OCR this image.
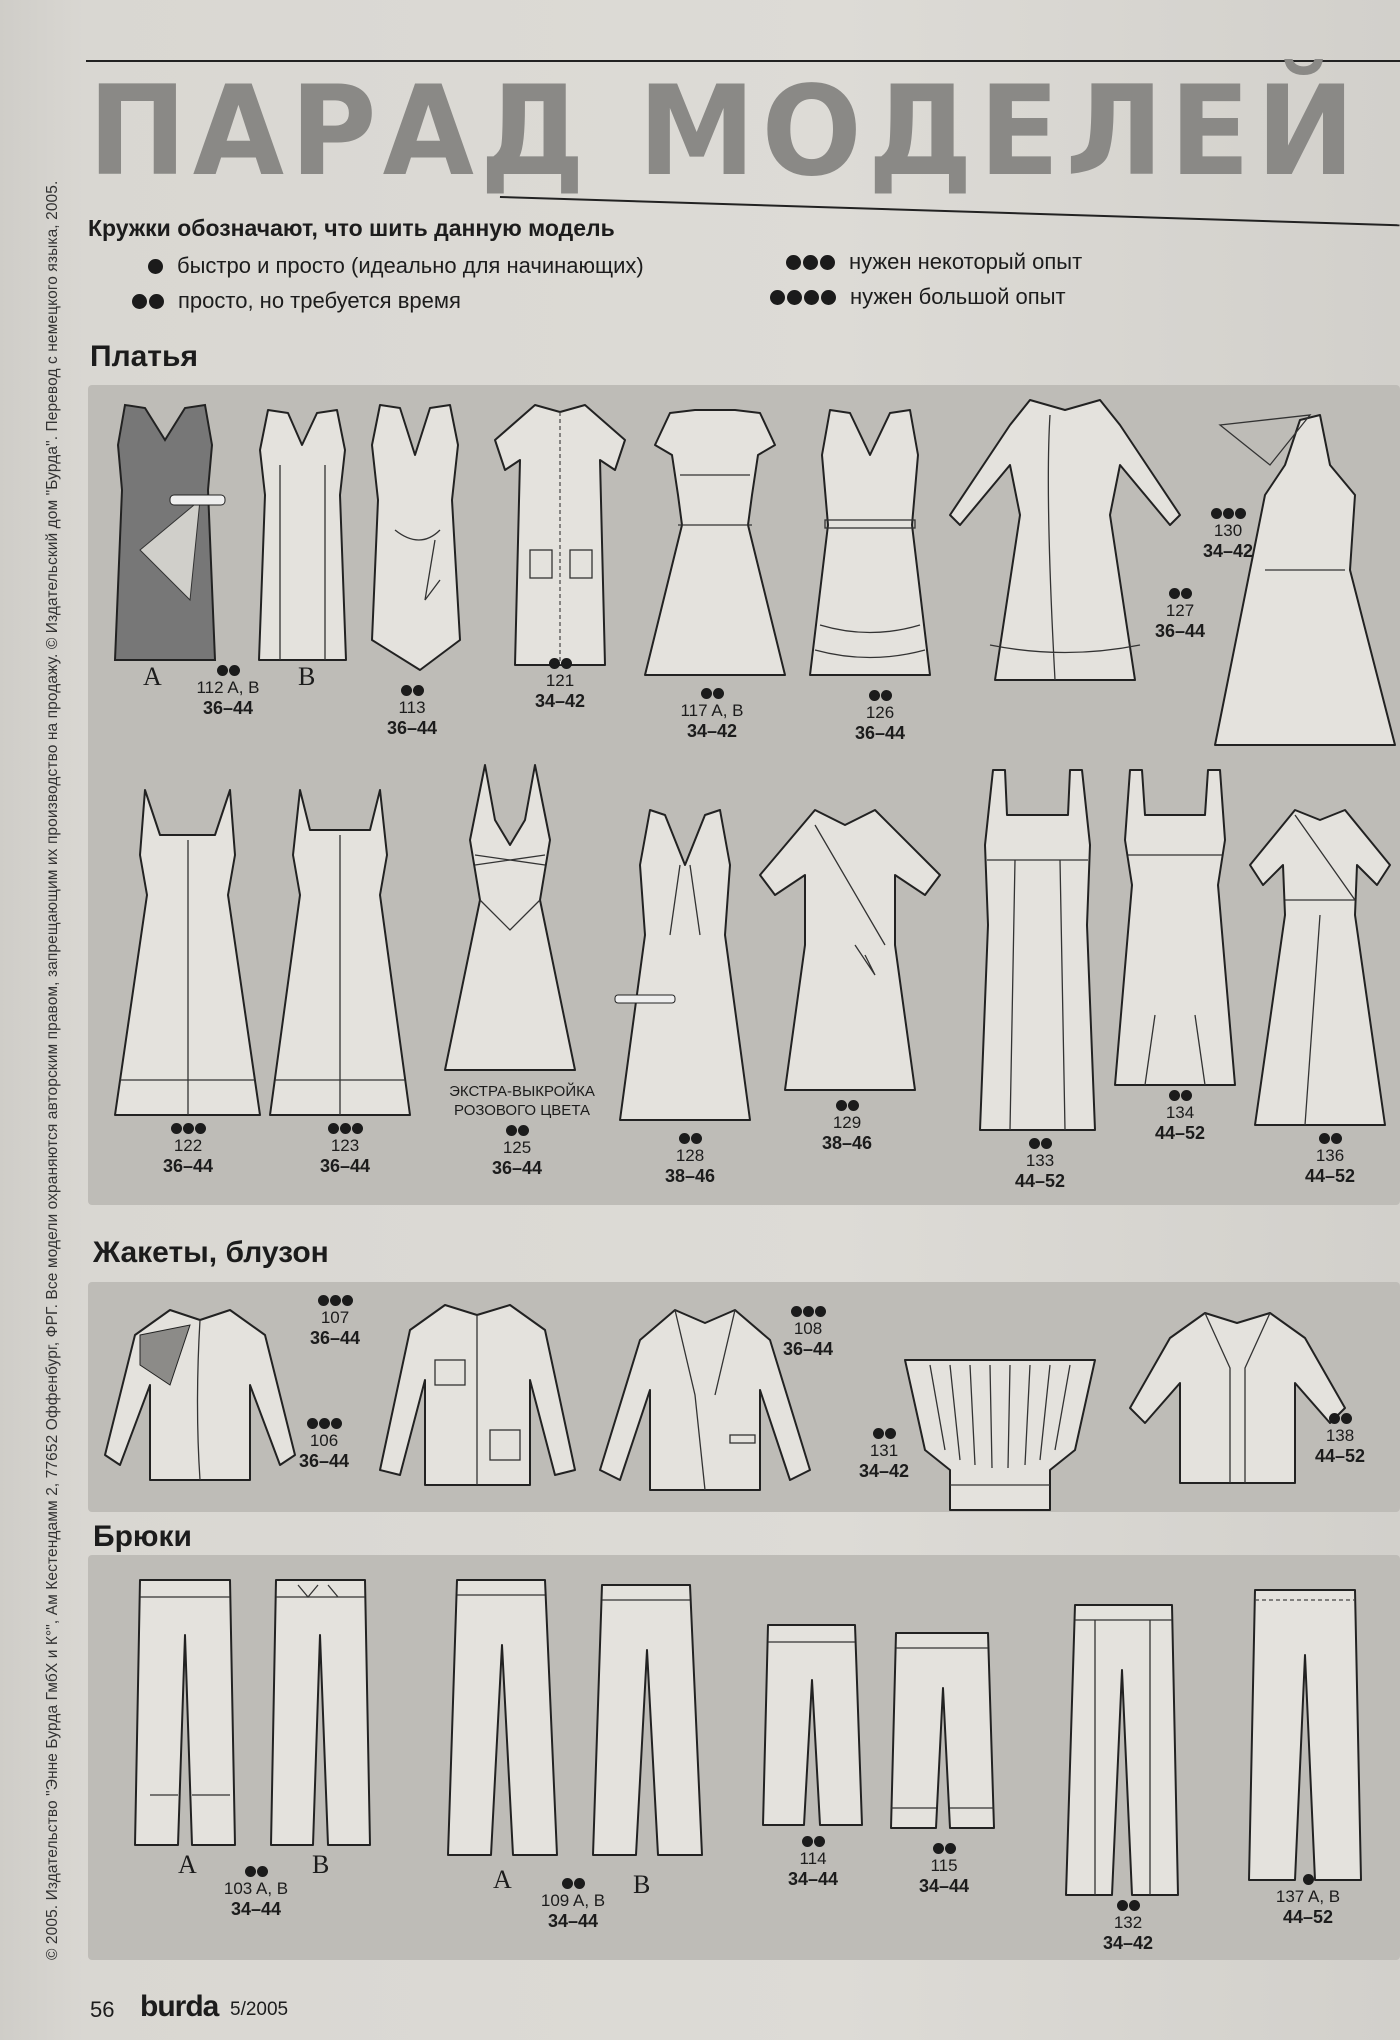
© 2005. Издательство "Энне Бурда ГмбХ и К°", Ам Кестендамм 2, 77652 Оффенбург, ФРГ. Все модели охраняются авторским правом, запрещающим их производство на продажу. © Издательский дом "Бурда". Перевод с немецкого языка, 2005.
ПАРАД МОДЕЛЕЙ
Кружки обозначают, что шить данную модель
быстро и просто (идеально для начинающих)
просто, но требуется время
нужен некоторый опыт
нужен большой опыт
Платья
A	B
112 A, B
36–44	113
36–44
121
34–42	117 A, B
34–42
126
36–44
127
36–44
130
34–42
ЭКСТРА-ВЫКРОЙКА РОЗОВОГО ЦВЕТА
122
36–44
123
36–44
125
36–44
128
38–46
129
38–46
133
44–52
134
44–52
136
44–52
Жакеты, блузон
107
36–44
106
36–44
108
36–44
131
34–42
138
44–52
Брюки
A	B
A	B
103 A, B
34–44	109 A, B
34–44
114
34–44
115
34–44
132
34–42
137 A, B
44–52
56 burda 5/2005
